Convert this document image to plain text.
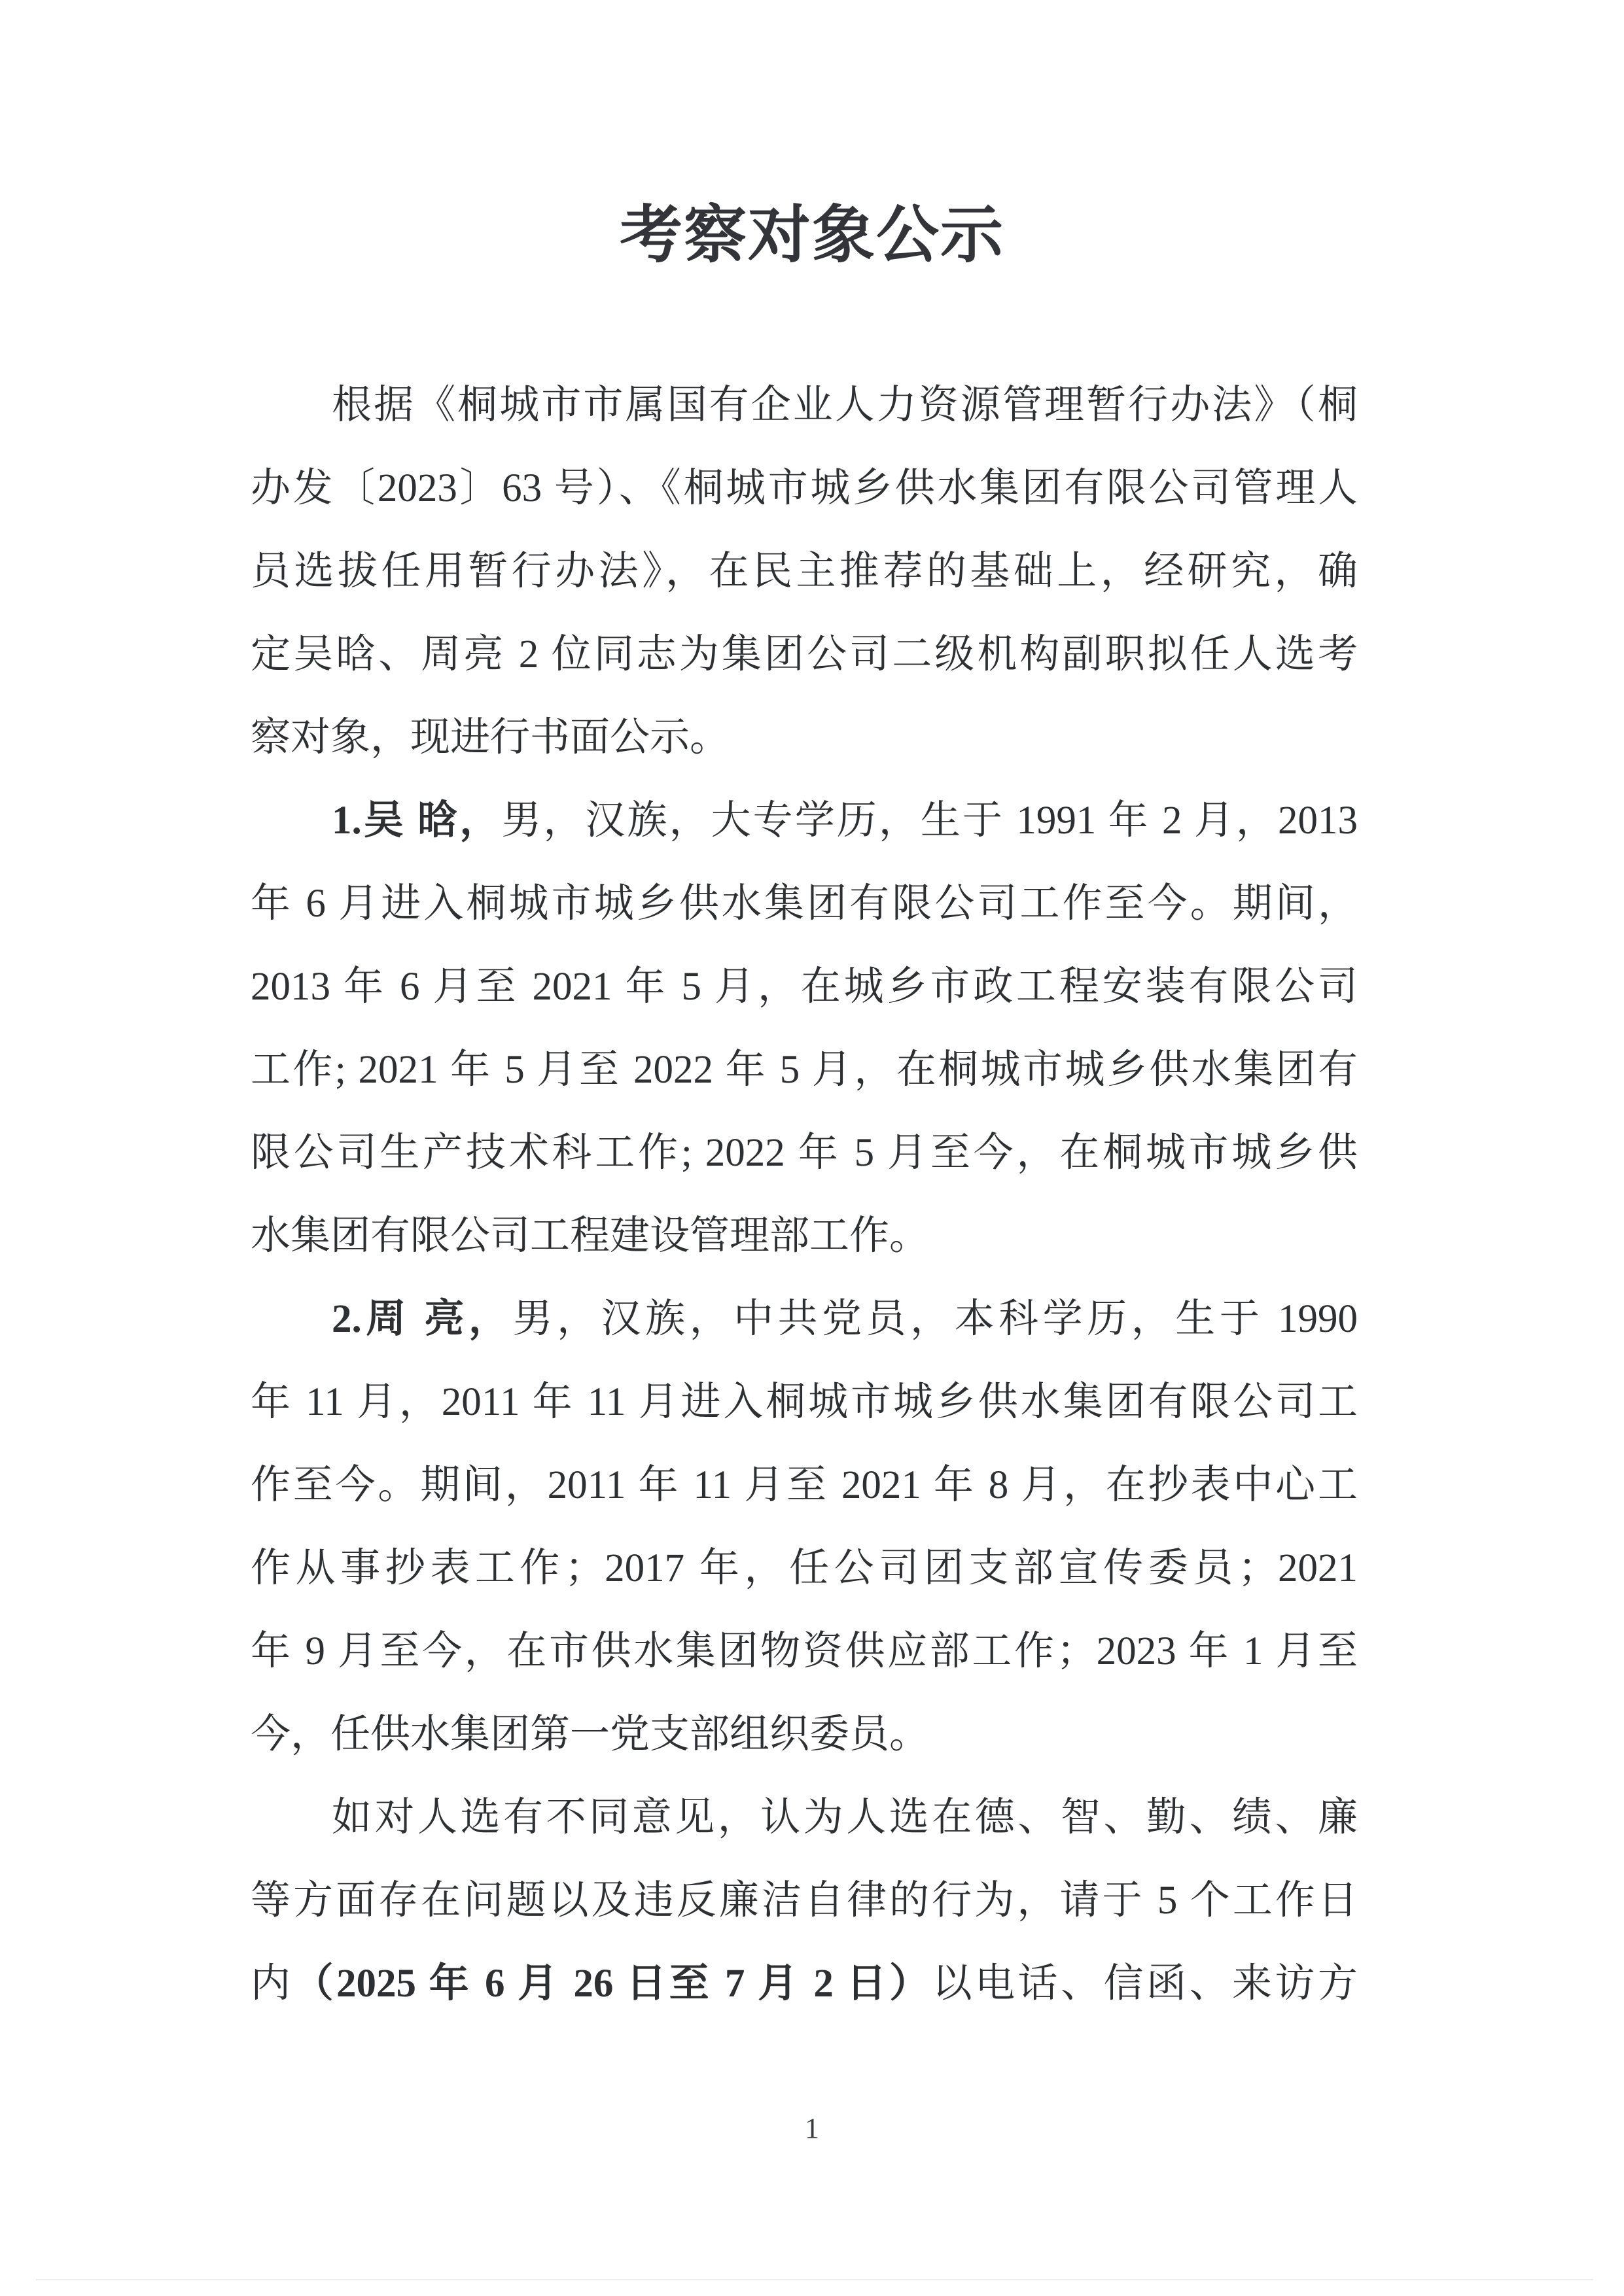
考察对象公示
根据《桐城市市属国有企业人力资源管理暂行办法》（桐
办发〔2023〕63 号）、《桐城市城乡供水集团有限公司管理人
员选拔任用暂行办法》，在民主推荐的基础上，经研究，确
定吴晗、周亮 2 位同志为集团公司二级机构副职拟任人选考
察对象，现进行书面公示。
1.吴 晗，男，汉族，大专学历，生于 1991 年 2 月，2013
年 6 月进入桐城市城乡供水集团有限公司工作至今。期间，
2013 年 6 月至 2021 年 5 月，在城乡市政工程安装有限公司
工作; 2021 年 5 月至 2022 年 5 月，在桐城市城乡供水集团有
限公司生产技术科工作; 2022 年 5 月至今，在桐城市城乡供
水集团有限公司工程建设管理部工作。
2.周 亮，男，汉族，中共党员，本科学历，生于 1990
年 11 月，2011 年 11 月进入桐城市城乡供水集团有限公司工
作至今。期间，2011 年 11 月至 2021 年 8 月，在抄表中心工
作从事抄表工作；2017 年，任公司团支部宣传委员；2021
年 9 月至今，在市供水集团物资供应部工作；2023 年 1 月至
今，任供水集团第一党支部组织委员。
如对人选有不同意见，认为人选在德、智、勤、绩、廉
等方面存在问题以及违反廉洁自律的行为，请于 5 个工作日
内（2025 年 6 月 26 日至 7 月 2 日）以电话、信函、来访方
1
